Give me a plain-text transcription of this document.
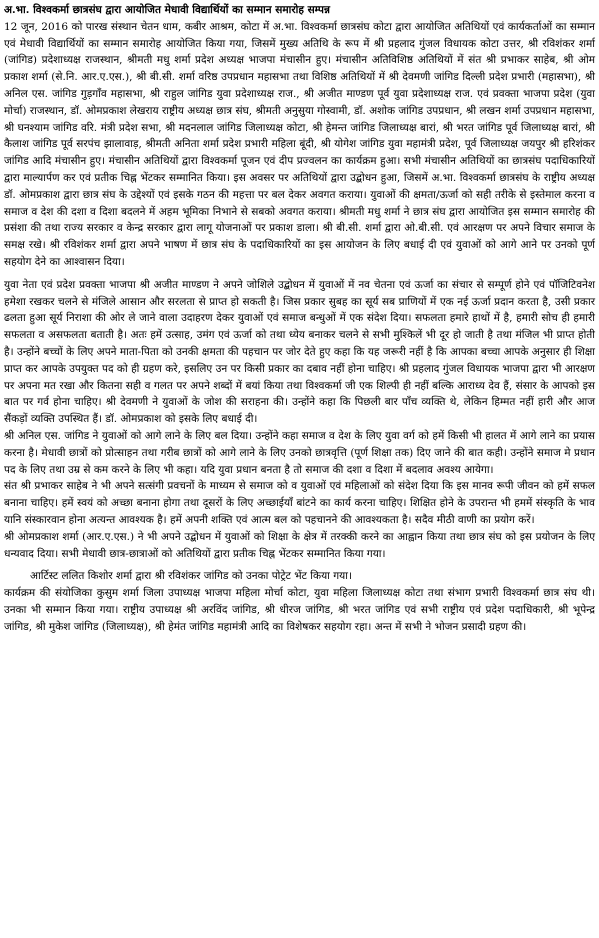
अ.भा. विश्वकर्मा छात्रसंघ द्वारा आयोजित मेधावी विद्यार्थियों का सम्मान समारोह सम्पन्न

12 जून, 2016 को पारख संस्थान चेतन धाम, कबीर आश्रम, कोटा में अ.भा. विश्वकर्मा छात्रसंघ कोटा द्वारा आयोजित अतिथियों एवं कार्यकर्ताओं का सम्मान एवं मेधावी विद्यार्थियों का सम्मान समारोह आयोजित किया गया, जिसमें मुख्य अतिथि के रूप में श्री प्रहलाद गुंजल विधायक कोटा उत्तर, श्री रविशंकर शर्मा (जांगिड) प्रदेशाध्यक्ष राजस्थान, श्रीमती मधु शर्मा प्रदेश अध्यक्ष भाजपा मंचासीन हुए। मंचासीन अतिविशिष्ठ अतिथियों में संत श्री प्रभाकर साहेब, श्री ओम प्रकाश शर्मा (से.नि. आर.ए.एस.), श्री बी.सी. शर्मा वरिष्ठ उपप्रधान महासभा तथा विशिष्ठ अतिथियों में श्री देवमणी जांगिड दिल्ली प्रदेश प्रभारी (महासभा), श्री अनिल एस. जांगिड गुड़गाँव महासभा, श्री राहुल जांगिड युवा प्रदेशाध्यक्ष राज., श्री अजीत माण्डण पूर्व युवा प्रदेशाध्यक्ष राज. एवं प्रवक्ता भाजपा प्रदेश (युवा मोर्चा) राजस्थान, डॉ. ओमप्रकाश लेखराय राष्ट्रीय अध्यक्ष छात्र संघ, श्रीमती अनुसुया गोस्वामी, डॉ. अशोक जांगिड उपप्रधान, श्री लखन शर्मा उपप्रधान महासभा, श्री घनश्याम जांगिड वरि. मंत्री प्रदेश सभा, श्री मदनलाल जांगिड जिलाध्यक्ष कोटा, श्री हेमन्त जांगिड जिलाध्यक्ष बारां, श्री भरत जांगिड पूर्व जिलाध्यक्ष बारां, श्री कैलाश जांगिड पूर्व सरपंच झालावाड़, श्रीमती अनिता शर्मा प्रदेश प्रभारी महिला बूंदी, श्री योगेश जांगिड युवा महामंत्री प्रदेश, पूर्व जिलाध्यक्ष जयपुर श्री हरिशंकर जांगिड आदि मंचासीन हुए। मंचासीन अतिथियों द्वारा विश्वकर्मा पूजन एवं दीप प्रज्वलन का कार्यक्रम हुआ। सभी मंचासीन अतिथियों का छात्रसंघ पदाधिकारियों द्वारा माल्यार्पण कर एवं प्रतीक चिह्न भेंटकर सम्मानित किया। इस अवसर पर अतिथियों द्वारा उद्बोधन हुआ, जिसमें अ.भा. विश्वकर्मा छात्रसंघ के राष्ट्रीय अध्यक्ष डॉ. ओमप्रकाश द्वारा छात्र संघ के उद्देश्यों एवं इसके गठन की महत्ता पर बल देकर अवगत कराया। युवाओं की क्षमता/ऊर्जा को सही तरीके से इस्तेमाल करना व समाज व देश की दशा व दिशा बदलने में अहम भूमिका निभाने से सबको अवगत कराया। श्रीमती मधु शर्मा ने छात्र संघ द्वारा आयोजित इस सम्मान समारोह की प्रसंशा की तथा राज्य सरकार व केन्द्र सरकार द्वारा लागू योजनाओं पर प्रकाश डाला। श्री बी.सी. शर्मा द्वारा ओ.बी.सी. एवं आरक्षण पर अपने विचार समाज के समक्ष रखे। श्री रविशंकर शर्मा द्वारा अपने भाषण में छात्र संघ के पदाधिकारियों का इस आयोजन के लिए बधाई दी एवं युवाओं को आगे आने पर उनको पूर्ण सहयोग देने का आश्वासन दिया।

युवा नेता एवं प्रदेश प्रवक्ता भाजपा श्री अजीत माण्डण ने अपने जोशिले उद्बोधन में युवाओं में नव चेतना एवं ऊर्जा का संचार से सम्पूर्ण होने एवं पॉजिटिवनेश हमेशा रखकर चलने से मंजिले आसान और सरलता से प्राप्त हो सकती है। जिस प्रकार सुबह का सूर्य सब प्राणियों में एक नई ऊर्जा प्रदान करता है, उसी प्रकार ढलता हुआ सूर्य निराशा की ओर ले जाने वाला उदाहरण देकर युवाओं एवं समाज बन्धुओं में एक संदेश दिया। सफलता हमारे हाथों में है, हमारी सोच ही हमारी सफलता व असफलता बताती है। अतः हमें उत्साह, उमंग एवं ऊर्जा को तथा ध्येय बनाकर चलने से सभी मुश्किलें भी दूर हो जाती है तथा मंजिल भी प्राप्त होती है। उन्होंने बच्चों के लिए अपने माता-पिता को उनकी क्षमता की पहचान पर जोर देते हुए कहा कि यह जरूरी नहीं है कि आपका बच्चा आपके अनुसार ही शिक्षा प्राप्त कर आपके उपयुक्त पद को ही ग्रहण करे, इसलिए उन पर किसी प्रकार का दबाव नहीं होना चाहिए। श्री प्रहलाद गुंजल विधायक भाजपा द्वारा भी आरक्षण पर अपना मत रखा और कितना सही व गलत पर अपने शब्दों में बयां किया तथा विश्वकर्मा जी एक शिल्पी ही नहीं बल्कि आराध्य देव हैं, संसार के आपको इस बात पर गर्व होना चाहिए। श्री देवमणी ने युवाओं के जोश की सराहना की। उन्होंने कहा कि पिछली बार पाँच व्यक्ति थे, लेकिन हिम्मत नहीं हारी और आज सैंकड़ों व्यक्ति उपस्थित हैं। डॉ. ओमप्रकाश को इसके लिए बधाई दी।

श्री अनिल एस. जांगिड ने युवाओं को आगे लाने के लिए बल दिया। उन्होंने कहा समाज व देश के लिए युवा वर्ग को हमें किसी भी हालत में आगे लाने का प्रयास करना है। मेधावी छात्रों को प्रोत्साहन तथा गरीब छात्रों को आगे लाने के लिए उनको छात्रवृत्ति (पूर्ण शिक्षा तक) दिए जाने की बात कही। उन्होंने समाज मे प्रधान पद के लिए तथा उम्र से कम करने के लिए भी कहा। यदि युवा प्रधान बनता है तो समाज की दशा व दिशा में बदलाव अवश्य आयेगा।

संत श्री प्रभाकर साहेब ने भी अपने सत्संगी प्रवचनों के माध्यम से समाज को व युवाओं एवं महिलाओं को संदेश दिया कि इस मानव रूपी जीवन को हमें सफल बनाना चाहिए। हमें स्वयं को अच्छा बनाना होगा तथा दूसरों के लिए अच्छाईयाँ बांटने का कार्य करना चाहिए। शिक्षित होने के उपरान्त भी हममें संस्कृति के भाव यानि संस्कारवान होना अत्यन्त आवश्यक है। हमें अपनी शक्ति एवं आत्म बल को पहचानने की आवश्यकता है। सदैव मीठी वाणी का प्रयोग करें।

श्री ओमप्रकाश शर्मा (आर.ए.एस.) ने भी अपने उद्बोधन में युवाओं को शिक्षा के क्षेत्र में तरक्की करने का आह्वान किया तथा छात्र संघ को इस प्रयोजन के लिए धन्यवाद दिया। सभी मेधावी छात्र-छात्राओं को अतिथियों द्वारा प्रतीक चिह्न भेंटकर सम्मानित किया गया।

आर्टिस्ट ललित किशोर शर्मा द्वारा श्री रविशंकर जांगिड को उनका पोट्रेट भेंट किया गया।

कार्यक्रम की संयोजिका कुसुम शर्मा जिला उपाध्यक्ष भाजपा महिला मोर्चा कोटा, युवा महिला जिलाध्यक्ष कोटा तथा संभाग प्रभारी विश्वकर्मा छात्र संघ थी। उनका भी सम्मान किया गया। राष्ट्रीय उपाध्यक्ष श्री अरविंद जांगिड, श्री धीरज जांगिड, श्री भरत जांगिड एवं सभी राष्ट्रीय एवं प्रदेश पदाधिकारी, श्री भूपेन्द्र जांगिड, श्री मुकेश जांगिड (जिलाध्यक्ष), श्री हेमंत जांगिड महामंत्री आदि का विशेषकर सहयोग रहा। अन्त में सभी ने भोजन प्रसादी ग्रहण की।
